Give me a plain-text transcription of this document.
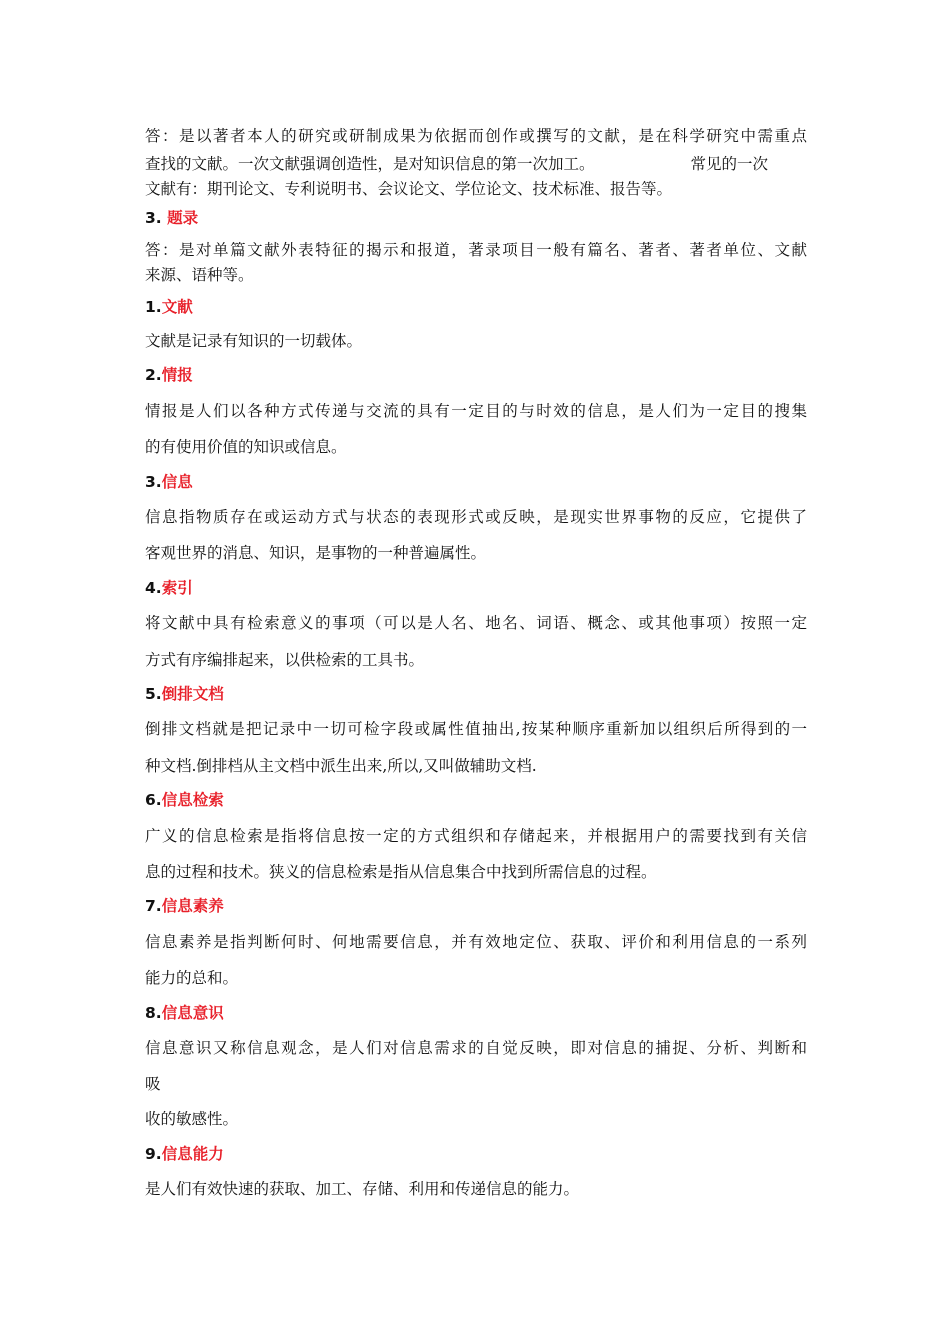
答：是以著者本人的研究或研制成果为依据而创作或撰写的文献，是在科学研究中需重点

查找的文献。一次文献强调创造性，是对知识信息的第一次加工。	常见的一次

文献有：期刊论文、专利说明书、会议论文、学位论文、技术标准、报告等。

3. 题录

答：是对单篇文献外表特征的揭示和报道，著录项目一般有篇名、著者、著者单位、文献

来源、语种等。

1.文献

文献是记录有知识的一切载体。

2.情报

情报是人们以各种方式传递与交流的具有一定目的与时效的信息，是人们为一定目的搜集

的有使用价值的知识或信息。

3.信息

信息指物质存在或运动方式与状态的表现形式或反映，是现实世界事物的反应，它提供了

客观世界的消息、知识，是事物的一种普遍属性。

4.索引

将文献中具有检索意义的事项（可以是人名、地名、词语、概念、或其他事项）按照一定

方式有序编排起来，以供检索的工具书。

5.倒排文档

倒排文档就是把记录中一切可检字段或属性值抽出,按某种顺序重新加以组织后所得到的一

种文档.倒排档从主文档中派生出来,所以,又叫做辅助文档.

6.信息检索

广义的信息检索是指将信息按一定的方式组织和存储起来，并根据用户的需要找到有关信

息的过程和技术。狭义的信息检索是指从信息集合中找到所需信息的过程。

7.信息素养

信息素养是指判断何时、何地需要信息，并有效地定位、获取、评价和利用信息的一系列

能力的总和。

8.信息意识

信息意识又称信息观念，是人们对信息需求的自觉反映，即对信息的捕捉、分析、判断和

吸

收的敏感性。

9.信息能力

是人们有效快速的获取、加工、存储、利用和传递信息的能力。
